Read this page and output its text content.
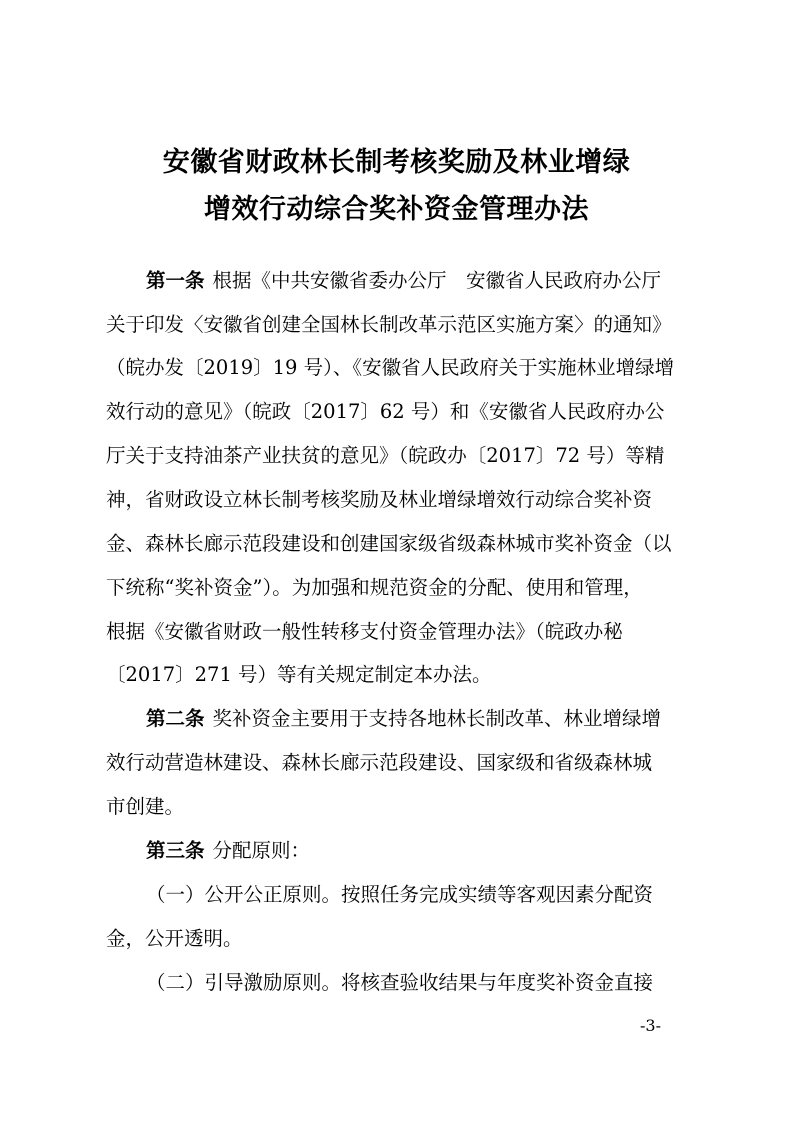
安徽省财政林长制考核奖励及林业增绿
增效行动综合奖补资金管理办法
第一条 根据《中共安徽省委办公厅　安徽省人民政府办公厅
关于印发〈安徽省创建全国林长制改革示范区实施方案〉的通知》
（皖办发〔2019〕19 号）、《安徽省人民政府关于实施林业增绿增
效行动的意见》（皖政〔2017〕62 号）和《安徽省人民政府办公
厅关于支持油茶产业扶贫的意见》（皖政办〔2017〕72 号）等精
神，省财政设立林长制考核奖励及林业增绿增效行动综合奖补资
金、森林长廊示范段建设和创建国家级省级森林城市奖补资金（以
下统称“奖补资金”）。为加强和规范资金的分配、使用和管理，
根据《安徽省财政一般性转移支付资金管理办法》（皖政办秘
〔2017〕271 号）等有关规定制定本办法。
第二条 奖补资金主要用于支持各地林长制改革、林业增绿增
效行动营造林建设、森林长廊示范段建设、国家级和省级森林城
市创建。
第三条 分配原则：
（一）公开公正原则。按照任务完成实绩等客观因素分配资
金，公开透明。
（二）引导激励原则。将核查验收结果与年度奖补资金直接
-3-
